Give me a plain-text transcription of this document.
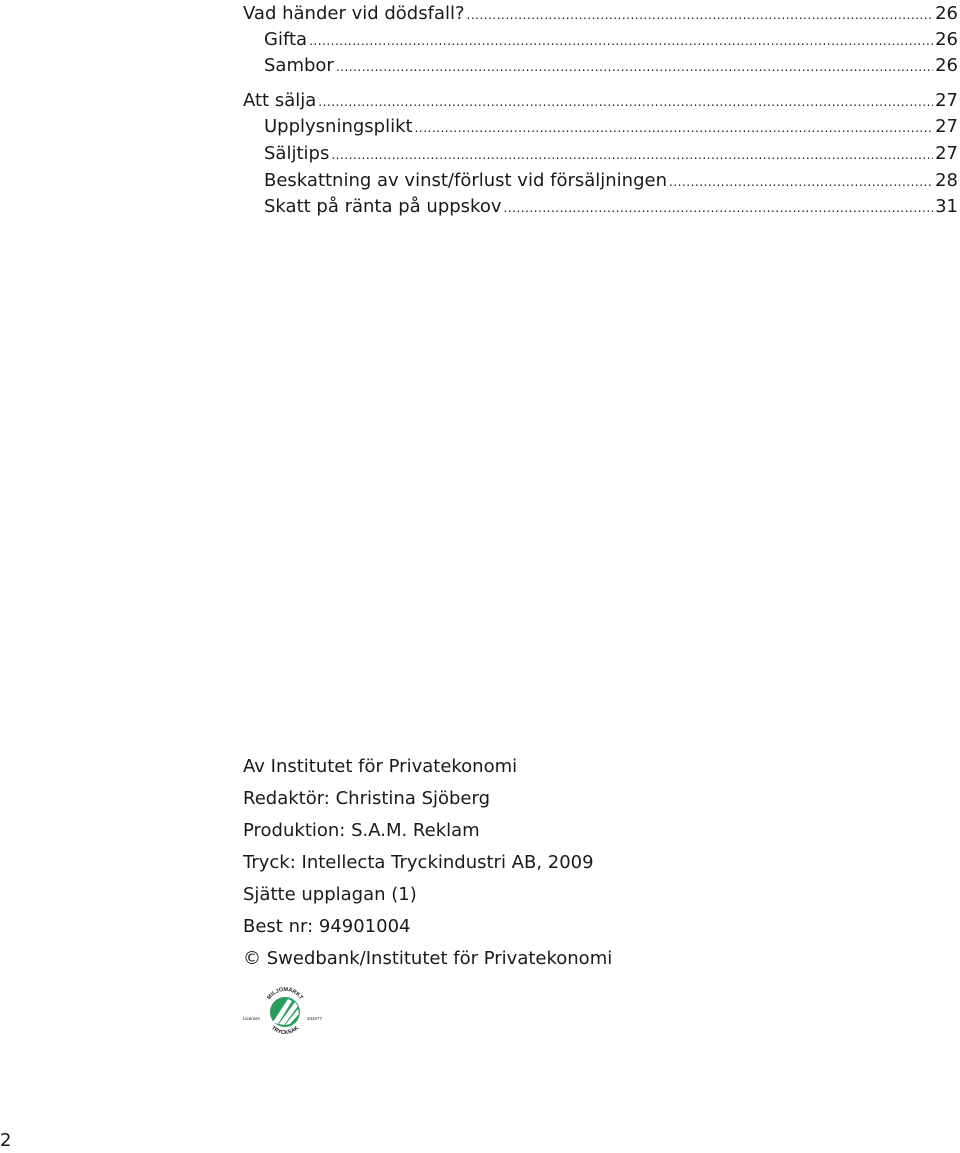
Vad händer vid dödsfall? .....	26
Gifta .....	26
Sambor .....	26
Att sälja .....	27
Upplysningsplikt .....	27
Säljtips .....	27
Beskattning av vinst/förlust vid försäljningen .....	28
Skatt på ränta på uppskov .....	31
Av Institutet för Privatekonomi
Redaktör: Christina Sjöberg
Produktion: S.A.M. Reklam
Tryck: Intellecta Tryckindustri AB, 2009
Sjätte upplagan (1)
Best nr: 94901004
© Swedbank/Institutet för Privatekonomi
MILJÖMÄRKT
TRYCKSAK
Licensnr	341077
2
